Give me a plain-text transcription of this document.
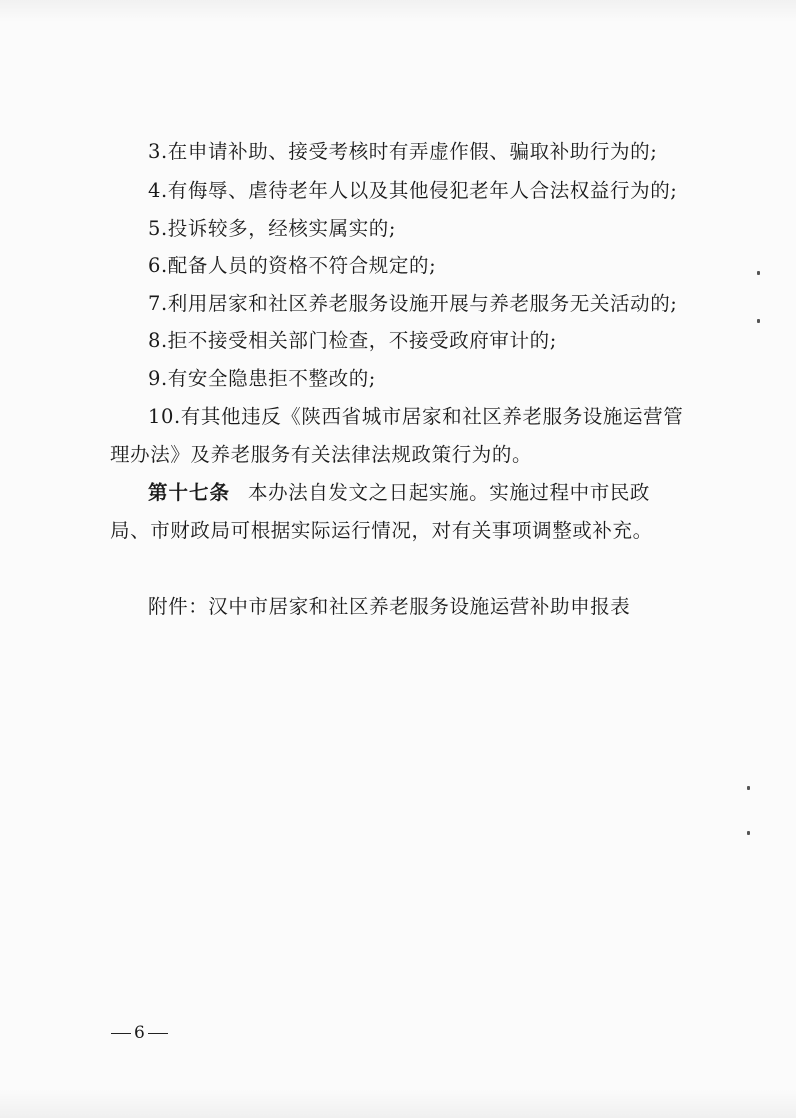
3.在申请补助、接受考核时有弄虚作假、骗取补助行为的;
4.有侮辱、虐待老年人以及其他侵犯老年人合法权益行为的;
5.投诉较多，经核实属实的;
6.配备人员的资格不符合规定的;
7.利用居家和社区养老服务设施开展与养老服务无关活动的;
8.拒不接受相关部门检查，不接受政府审计的;
9.有安全隐患拒不整改的;
10.有其他违反《陕西省城市居家和社区养老服务设施运营管
理办法》及养老服务有关法律法规政策行为的。
第十七条 本办法自发文之日起实施。实施过程中市民政
局、市财政局可根据实际运行情况，对有关事项调整或补充。
附件：汉中市居家和社区养老服务设施运营补助申报表
6
